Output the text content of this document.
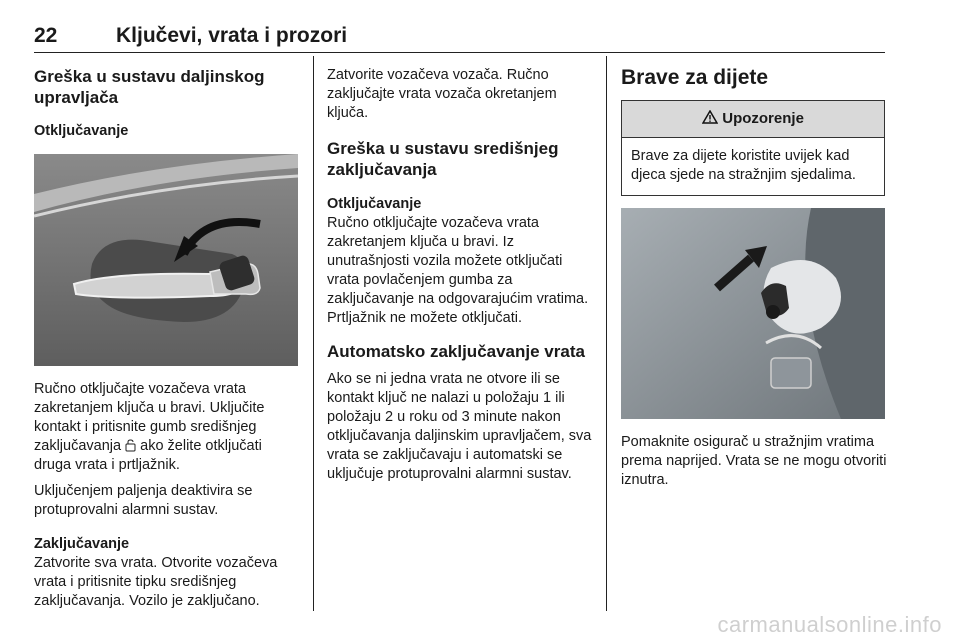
22	Ključevi, vrata i prozori
Greška u sustavu daljinskog upravljača
Otključavanje

Ručno otključajte vozačeva vrata zakretanjem ključa u bravi. Uključite kontakt i pritisnite gumb središnjeg zaključavanja ako želite otključati druga vrata i prtljažnik.

Uključenjem paljenja deaktivira se protuprovalni alarmni sustav.

Zaključavanje

Zatvorite sva vrata. Otvorite vozačeva vrata i pritisnite tipku središnjeg zaključavanja. Vozilo je zaključano.

Zatvorite vozačeva vozača. Ručno zaključajte vrata vozača okretanjem ključa.

Greška u sustavu središnjeg zaključavanja
Otključavanje

Ručno otključajte vozačeva vrata zakretanjem ključa u bravi. Iz unutrašnjosti vozila možete otključati vrata povlačenjem gumba za zaključavanje na odgovarajućim vratima. Prtljažnik ne možete otključati.

Automatsko zaključavanje vrata

Ako se ni jedna vrata ne otvore ili se kontakt ključ ne nalazi u položaju 1 ili položaju 2 u roku od 3 minute nakon otključavanja daljinskim upravljačem, sva vrata se zaključavaju i automatski se uključuje protuprovalni alarmni sustav.

Brave za dijete
Upozorenje
Brave za dijete koristite uvijek kad djeca sjede na stražnjim sjedalima.

Pomaknite osigurač u stražnjim vratima prema naprijed. Vrata se ne mogu otvoriti iznutra.

carmanualsonline.info
